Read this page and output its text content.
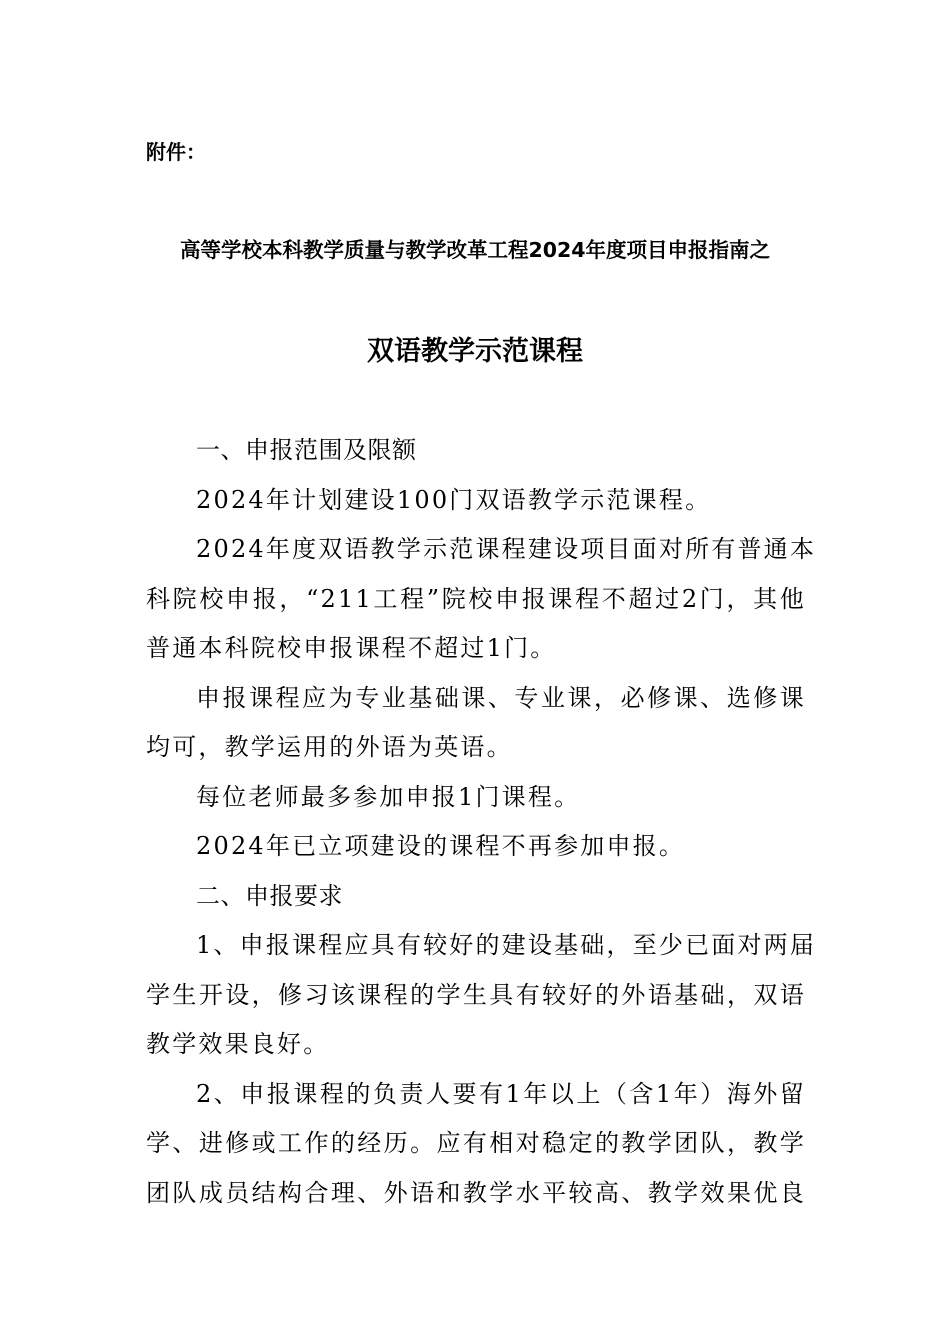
附件：
高等学校本科教学质量与教学改革工程2024年度项目申报指南之
双语教学示范课程
一、申报范围及限额
2024年计划建设100门双语教学示范课程。
2024年度双语教学示范课程建设项目面对所有普通本
科院校申报，“211工程”院校申报课程不超过2门，其他
普通本科院校申报课程不超过1门。
申报课程应为专业基础课、专业课，必修课、选修课
均可，教学运用的外语为英语。
每位老师最多参加申报1门课程。
2024年已立项建设的课程不再参加申报。
二、申报要求
1、申报课程应具有较好的建设基础，至少已面对两届
学生开设，修习该课程的学生具有较好的外语基础，双语
教学效果良好。
2、申报课程的负责人要有1年以上（含1年）海外留
学、进修或工作的经历。应有相对稳定的教学团队，教学
团队成员结构合理、外语和教学水平较高、教学效果优良
